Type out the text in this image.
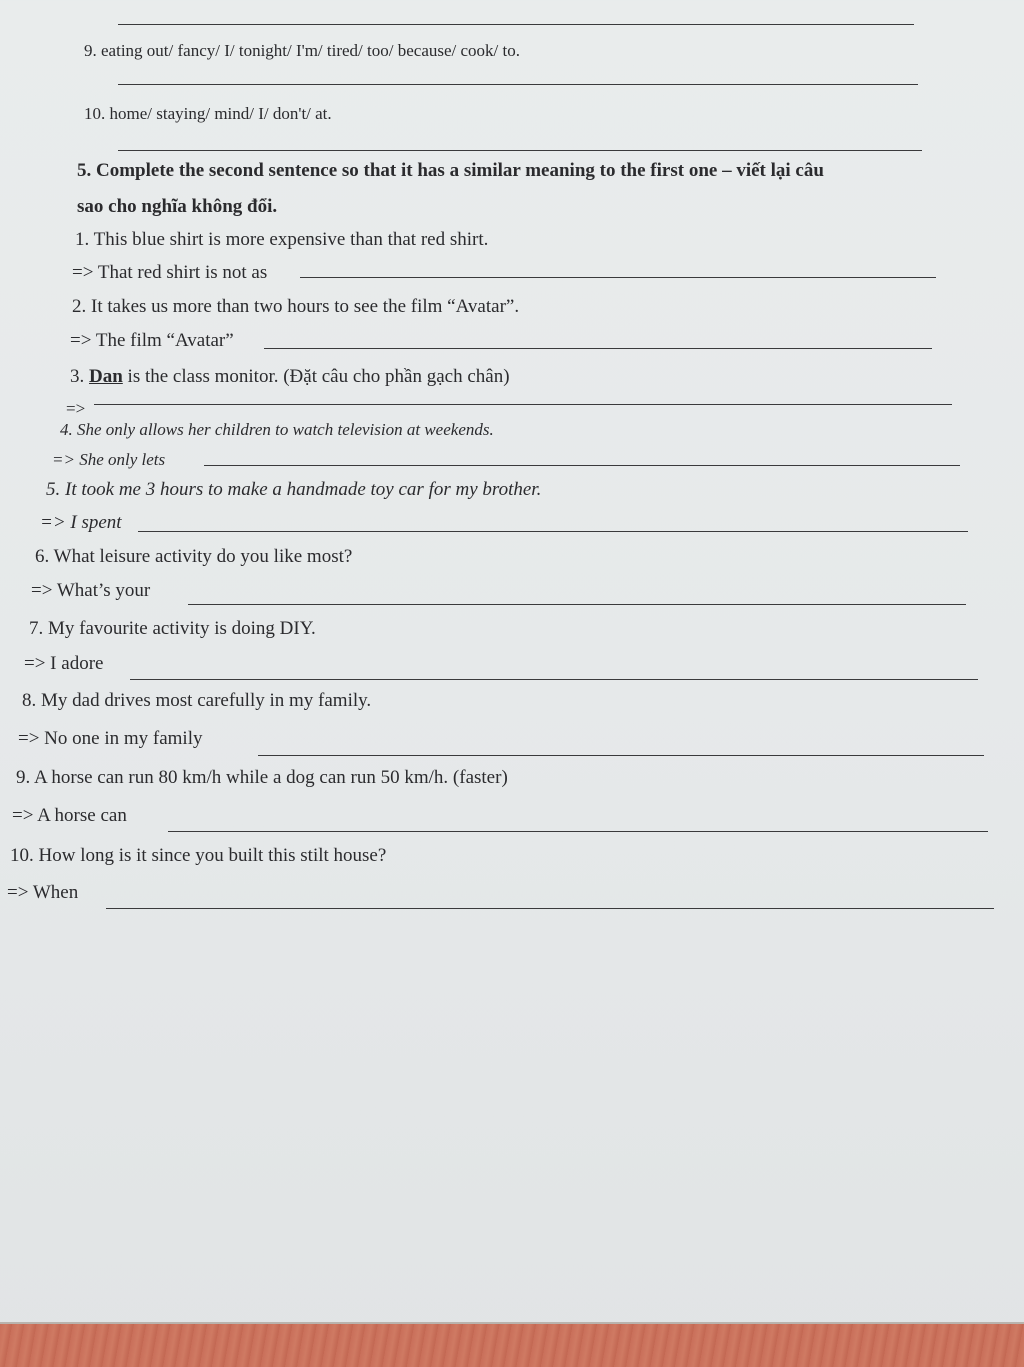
9. eating out/ fancy/ I/ tonight/ I'm/ tired/ too/ because/ cook/ to.
10. home/ staying/ mind/ I/ don't/ at.
5. Complete the second sentence so that it has a similar meaning to the first one – viết lại câu
sao cho nghĩa không đổi.
1. This blue shirt is more expensive than that red shirt.
=> That red shirt is not as
2. It takes us more than two hours to see the film “Avatar”.
=> The film “Avatar”
3. Dan is the class monitor. (Đặt câu cho phần gạch chân)
=>
4. She only allows her children to watch television at weekends.
=> She only lets
5. It took me 3 hours to make a handmade toy car for my brother.
=> I spent
6. What leisure activity do you like most?
=> What’s your
7. My favourite activity is doing DIY.
=> I adore
8. My dad drives most carefully in my family.
=> No one in my family
9. A horse can run 80 km/h while a dog can run 50 km/h. (faster)
=> A horse can
10. How long is it since you built this stilt house?
=> When
